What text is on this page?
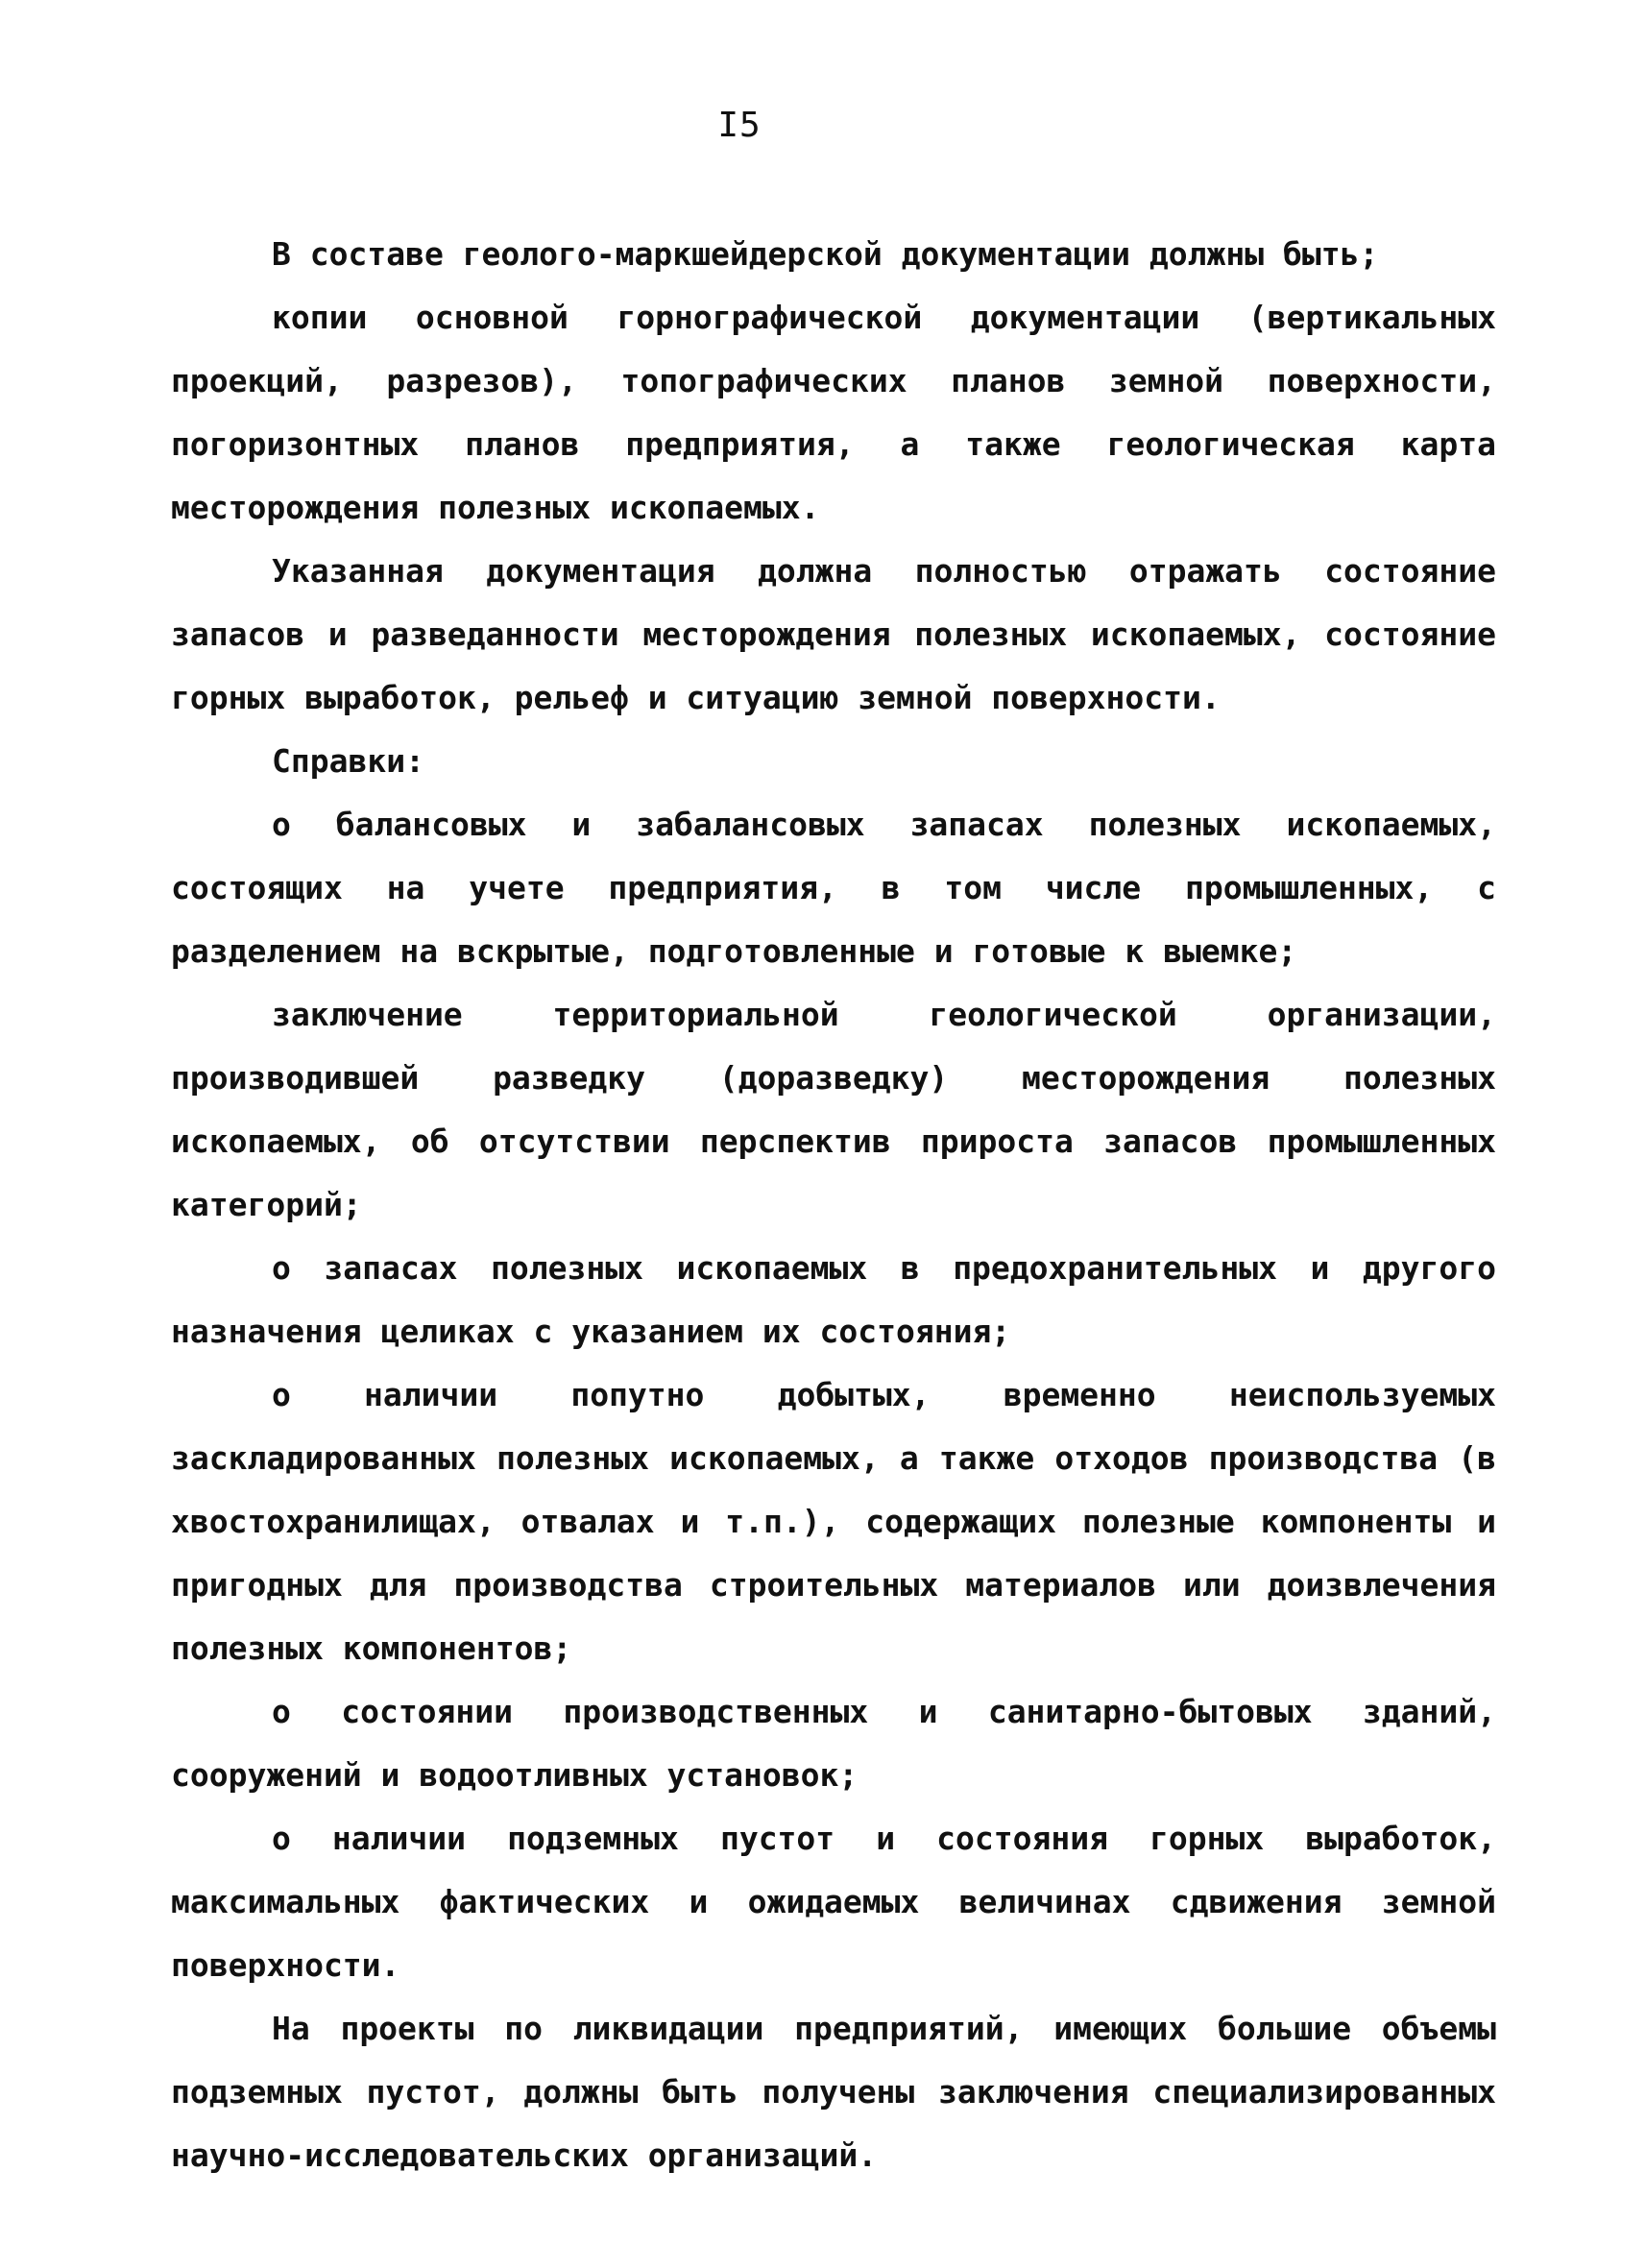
I5

В составе геолого-маркшейдерской документации должны быть;

копии основной горнографической документации (вертикальных проекций, разрезов), топографических планов земной поверхности, погоризонтных планов предприятия, а также геологическая карта месторождения полезных ископаемых.

Указанная документация должна полностью отражать состояние запасов и разведанности месторождения полезных ископаемых, состояние горных выработок, рельеф и ситуацию земной поверхности.

Справки:

о балансовых и забалансовых запасах полезных ископаемых, состоящих на учете предприятия, в том числе промышленных, с разделением на вскрытые, подготовленные и готовые к выемке;

заключение территориальной геологической организации, производившей разведку (доразведку) месторождения полезных ископаемых, об отсутствии перспектив прироста запасов промышленных категорий;

о запасах полезных ископаемых в предохранительных и другого назначения целиках с указанием их состояния;

о наличии попутно добытых, временно неиспользуемых заскладированных полезных ископаемых, а также отходов производства (в хвостохранилищах, отвалах и т.п.), содержащих полезные компоненты и пригодных для производства строительных материалов или доизвлечения полезных компонентов;

о состоянии производственных и санитарно-бытовых зданий, сооружений и водоотливных установок;

о наличии подземных пустот и состояния горных выработок, максимальных фактических и ожидаемых величинах сдвижения земной поверхности.

На проекты по ликвидации предприятий, имеющих большие объемы подземных пустот, должны быть получены заключения специализированных научно-исследовательских организаций.
